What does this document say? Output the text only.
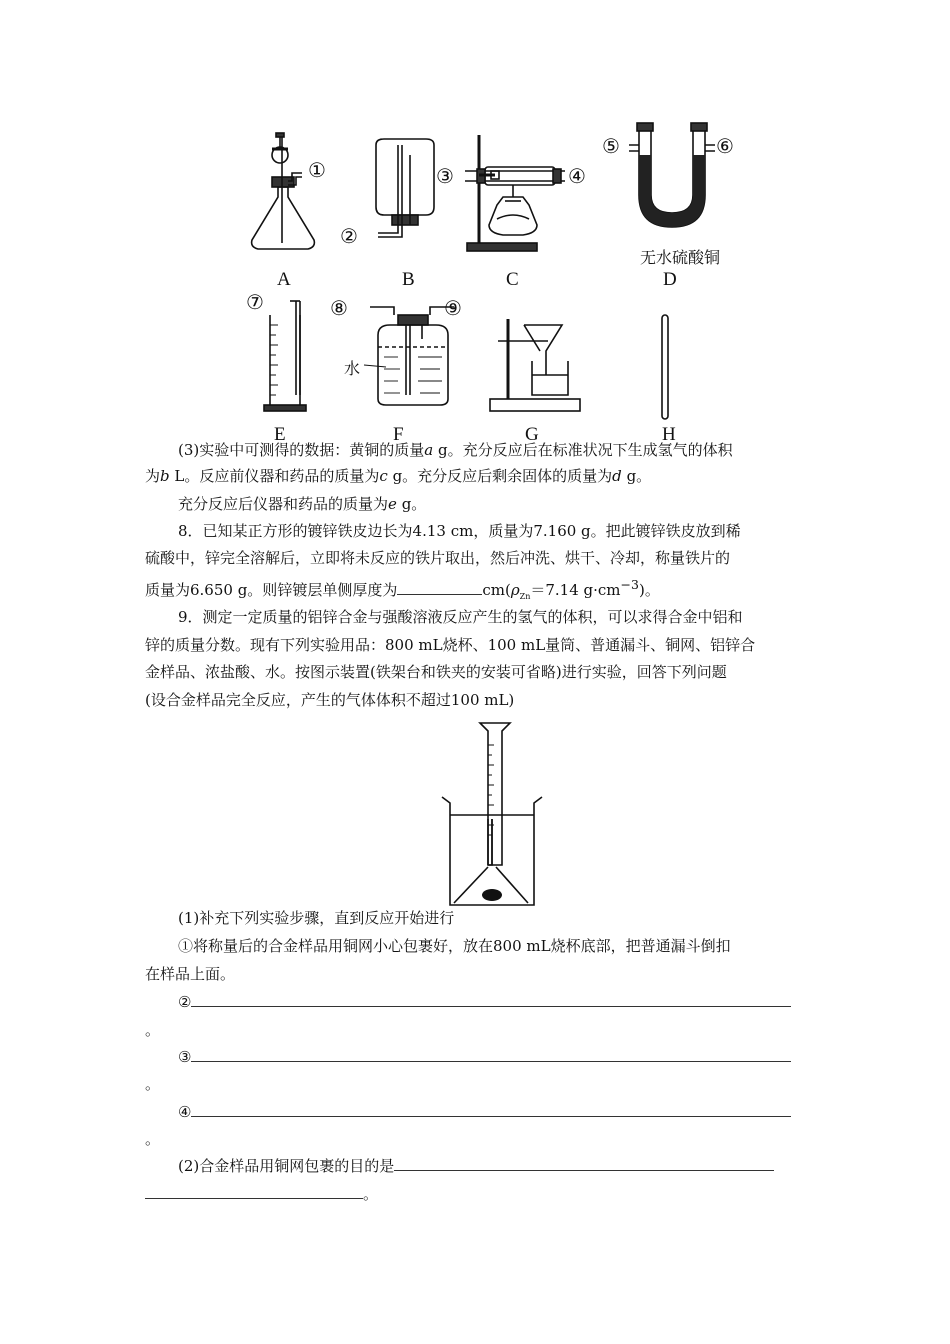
①
②
③	④
⑤	⑥
无水硫酸铜
A	B	C	D
⑦	⑧	⑨
水
E	F	G	H
(3)实验中可测得的数据：黄铜的质量a g。充分反应后在标准状况下生成氢气的体积
为b L。反应前仪器和药品的质量为c g。充分反应后剩余固体的质量为d g。
充分反应后仪器和药品的质量为e g。
8．已知某正方形的镀锌铁皮边长为4.13 cm，质量为7.160 g。把此镀锌铁皮放到稀
硫酸中，锌完全溶解后，立即将未反应的铁片取出，然后冲洗、烘干、冷却，称量铁片的
质量为6.650 g。则锌镀层单侧厚度为	$cm(\rho_{Zn}=7.14$ $g\cdot cm^{-3}$)。
9．测定一定质量的铝锌合金与强酸溶液反应产生的氢气的体积，可以求得合金中铝和
锌的质量分数。现有下列实验用品：800 mL烧杯、100 mL量筒、普通漏斗、铜网、铝锌合
金样品、浓盐酸、水。按图示装置(铁架台和铁夹的安装可省略)进行实验，回答下列问题
(设合金样品完全反应，产生的气体体积不超过100 mL)
(1)补充下列实验步骤，直到反应开始进行
①将称量后的合金样品用铜网小心包裹好，放在800 mL烧杯底部，把普通漏斗倒扣
在样品上面。
②
。
③
。
④
。
(2)合金样品用铜网包裹的目的是
。
